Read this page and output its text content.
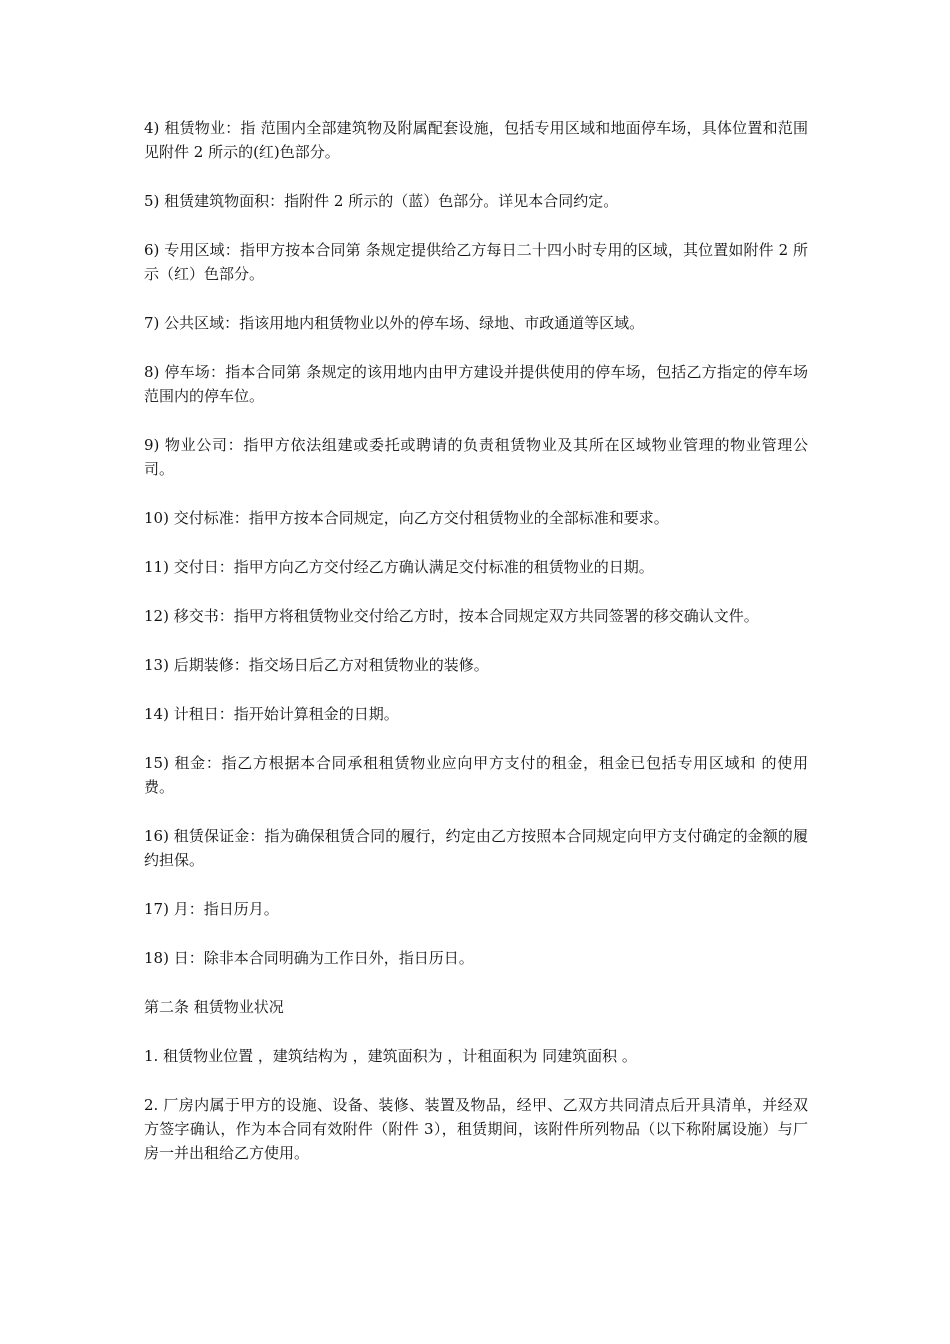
4) 租赁物业：指 范围内全部建筑物及附属配套设施，包括专用区域和地面停车场，具体位置和范围见附件 2 所示的(红)色部分。

5) 租赁建筑物面积：指附件 2 所示的（蓝）色部分。详见本合同约定。

6) 专用区域：指甲方按本合同第 条规定提供给乙方每日二十四小时专用的区域，其位置如附件 2 所示（红）色部分。

7) 公共区域：指该用地内租赁物业以外的停车场、绿地、市政通道等区域。

8) 停车场：指本合同第 条规定的该用地内由甲方建设并提供使用的停车场，包括乙方指定的停车场范围内的停车位。

9) 物业公司：指甲方依法组建或委托或聘请的负责租赁物业及其所在区域物业管理的物业管理公司。

10) 交付标准：指甲方按本合同规定，向乙方交付租赁物业的全部标准和要求。

11) 交付日：指甲方向乙方交付经乙方确认满足交付标准的租赁物业的日期。

12) 移交书：指甲方将租赁物业交付给乙方时，按本合同规定双方共同签署的移交确认文件。

13) 后期装修：指交场日后乙方对租赁物业的装修。

14) 计租日：指开始计算租金的日期。

15) 租金：指乙方根据本合同承租租赁物业应向甲方支付的租金，租金已包括专用区域和 的使用费。

16) 租赁保证金：指为确保租赁合同的履行，约定由乙方按照本合同规定向甲方支付确定的金额的履约担保。

17) 月：指日历月。

18) 日：除非本合同明确为工作日外，指日历日。

第二条 租赁物业状况

1. 租赁物业位置 ，建筑结构为 ，建筑面积为 ，计租面积为 同建筑面积 。

2. 厂房内属于甲方的设施、设备、装修、装置及物品，经甲、乙双方共同清点后开具清单，并经双方签字确认，作为本合同有效附件（附件 3），租赁期间，该附件所列物品（以下称附属设施）与厂房一并出租给乙方使用。
